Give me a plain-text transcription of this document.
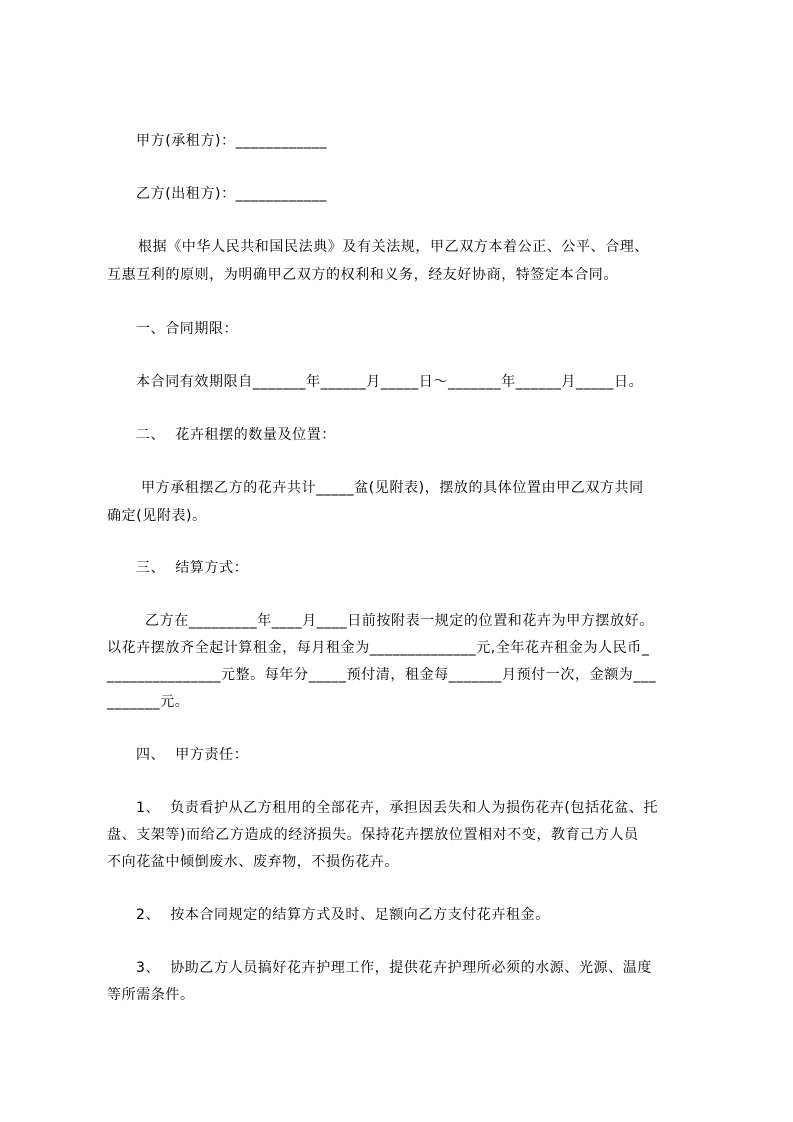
甲方(承租方)：____________

乙方(出租方)：____________

根据《中华人民共和国民法典》及有关法规，甲乙双方本着公正、公平、合理、

互惠互利的原则，为明确甲乙双方的权利和义务，经友好协商，特签定本合同。

一、合同期限：

本合同有效期限自_______年______月_____日～_______年______月_____日。

二、  花卉租摆的数量及位置：

甲方承租摆乙方的花卉共计_____盆(见附表)，摆放的具体位置由甲乙双方共同

确定(见附表)。

三、  结算方式：

乙方在_________年____月____日前按附表一规定的位置和花卉为甲方摆放好。

以花卉摆放齐全起计算租金，每月租金为______________元,全年花卉租金为人民币_

_______________元整。每年分_____预付清，租金每_______月预付一次，金额为___

_______元。

四、  甲方责任：

1、  负责看护从乙方租用的全部花卉，承担因丢失和人为损伤花卉(包括花盆、托

盘、支架等)而给乙方造成的经济损失。保持花卉摆放位置相对不变，教育己方人员

不向花盆中倾倒废水、废弃物，不损伤花卉。

2、  按本合同规定的结算方式及时、足额向乙方支付花卉租金。

3、  协助乙方人员搞好花卉护理工作，提供花卉护理所必须的水源、光源、温度

等所需条件。
